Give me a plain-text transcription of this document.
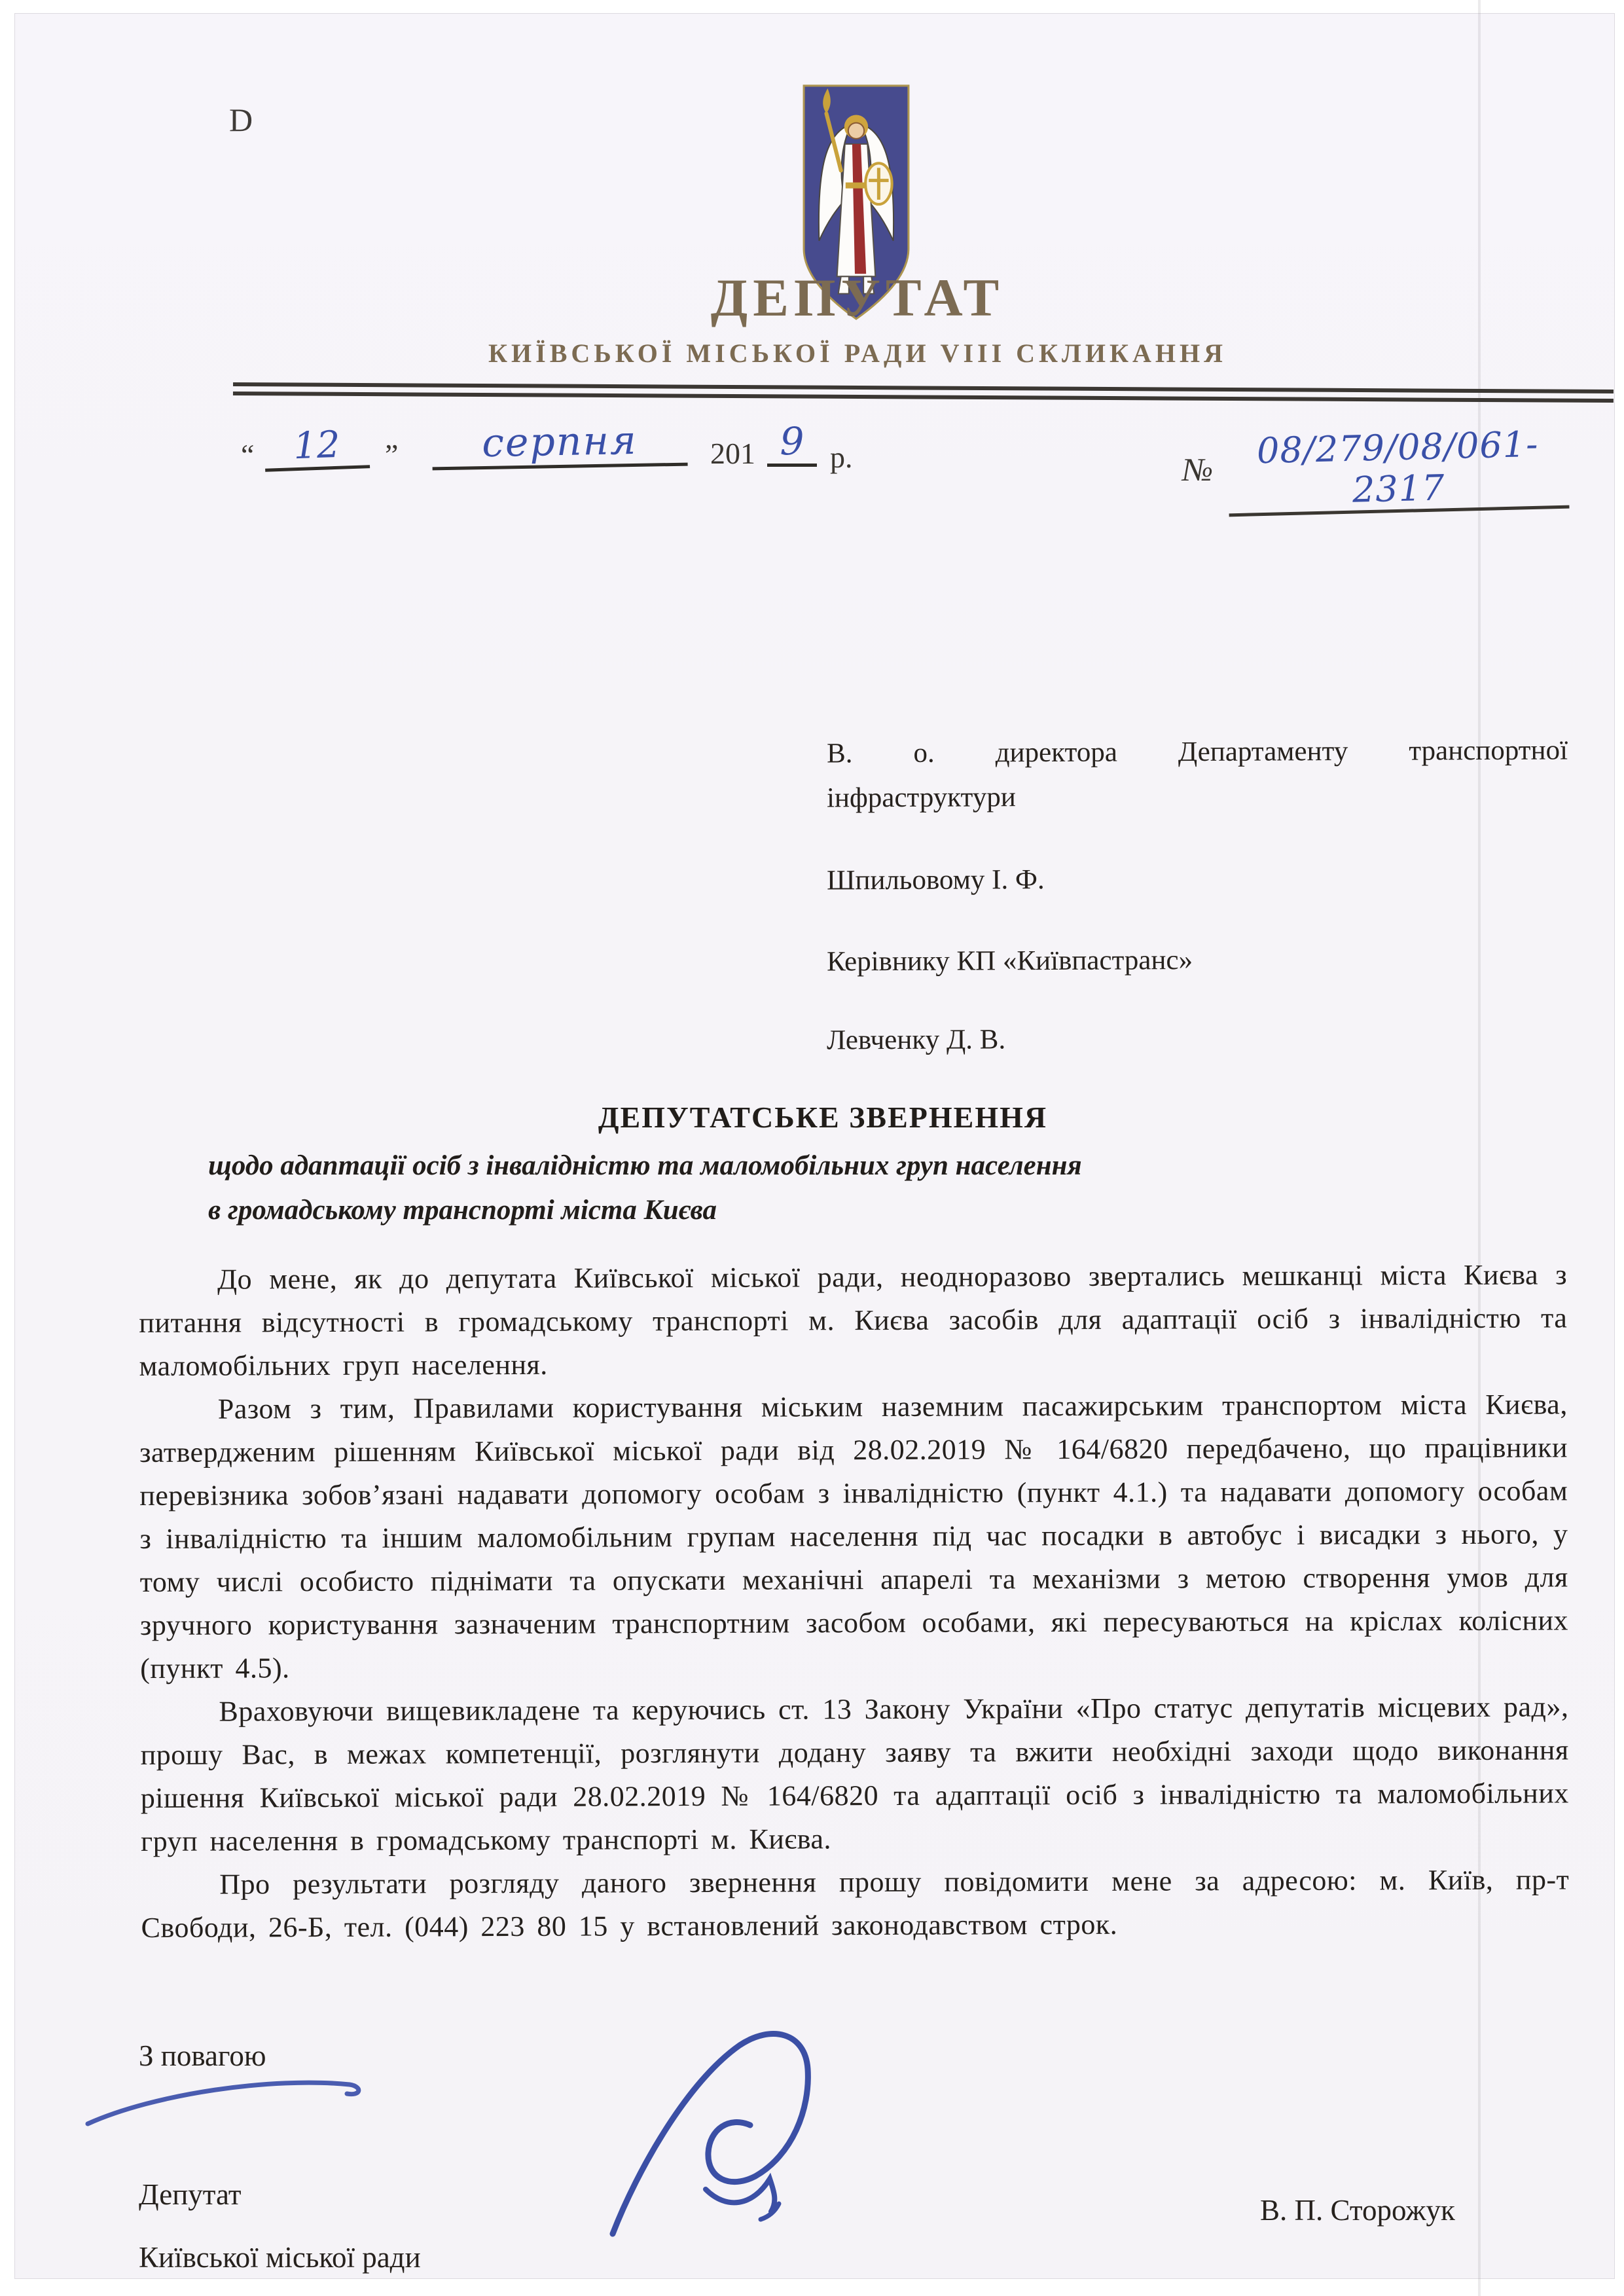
D
ДЕПУТАТ
КИЇВСЬКОЇ МІСЬКОЇ РАДИ VIII СКЛИКАННЯ
“	12	”	серпня	201 9 р.	№	08/279/08/061-2317
В. о. директора Департаменту транспортної
інфраструктури
Шпильовому І. Ф.
Керівнику КП «Київпастранс»
Левченку Д. В.
ДЕПУТАТСЬКЕ ЗВЕРНЕННЯ
щодо адаптації осіб з інвалідністю та маломобільних груп населення
в громадському транспорті міста Києва

До мене, як до депутата Київської міської ради, неодноразово звертались мешканці міста Києва з питання відсутності в громадському транспорті м. Києва засобів для адаптації осіб з інвалідністю та маломобільних груп населення.

Разом з тим, Правилами користування міським наземним пасажирським транспортом міста Києва, затвердженим рішенням Київської міської ради від 28.02.2019 № 164/6820 передбачено, що працівники перевізника зобов’язані надавати допомогу особам з інвалідністю (пункт 4.1.) та надавати допомогу особам з інвалідністю та іншим маломобільним групам населення під час посадки в автобус і висадки з нього, у тому числі особисто піднімати та опускати механічні апарелі та механізми з метою створення умов для зручного користування зазначеним транспортним засобом особами, які пересуваються на кріслах колісних (пункт 4.5).

Враховуючи вищевикладене та керуючись ст. 13 Закону України «Про статус депутатів місцевих рад», прошу Вас, в межах компетенції, розглянути додану заяву та вжити необхідні заходи щодо виконання рішення Київської міської ради 28.02.2019 № 164/6820 та адаптації осіб з інвалідністю та маломобільних груп населення в громадському транспорті м. Києва.

Про результати розгляду даного звернення прошу повідомити мене за адресою: м. Київ, пр-т Свободи, 26-Б, тел. (044) 223 80 15 у встановлений законодавством строк.

З повагою
Депутат
Київської міської ради
В. П. Сторожук
